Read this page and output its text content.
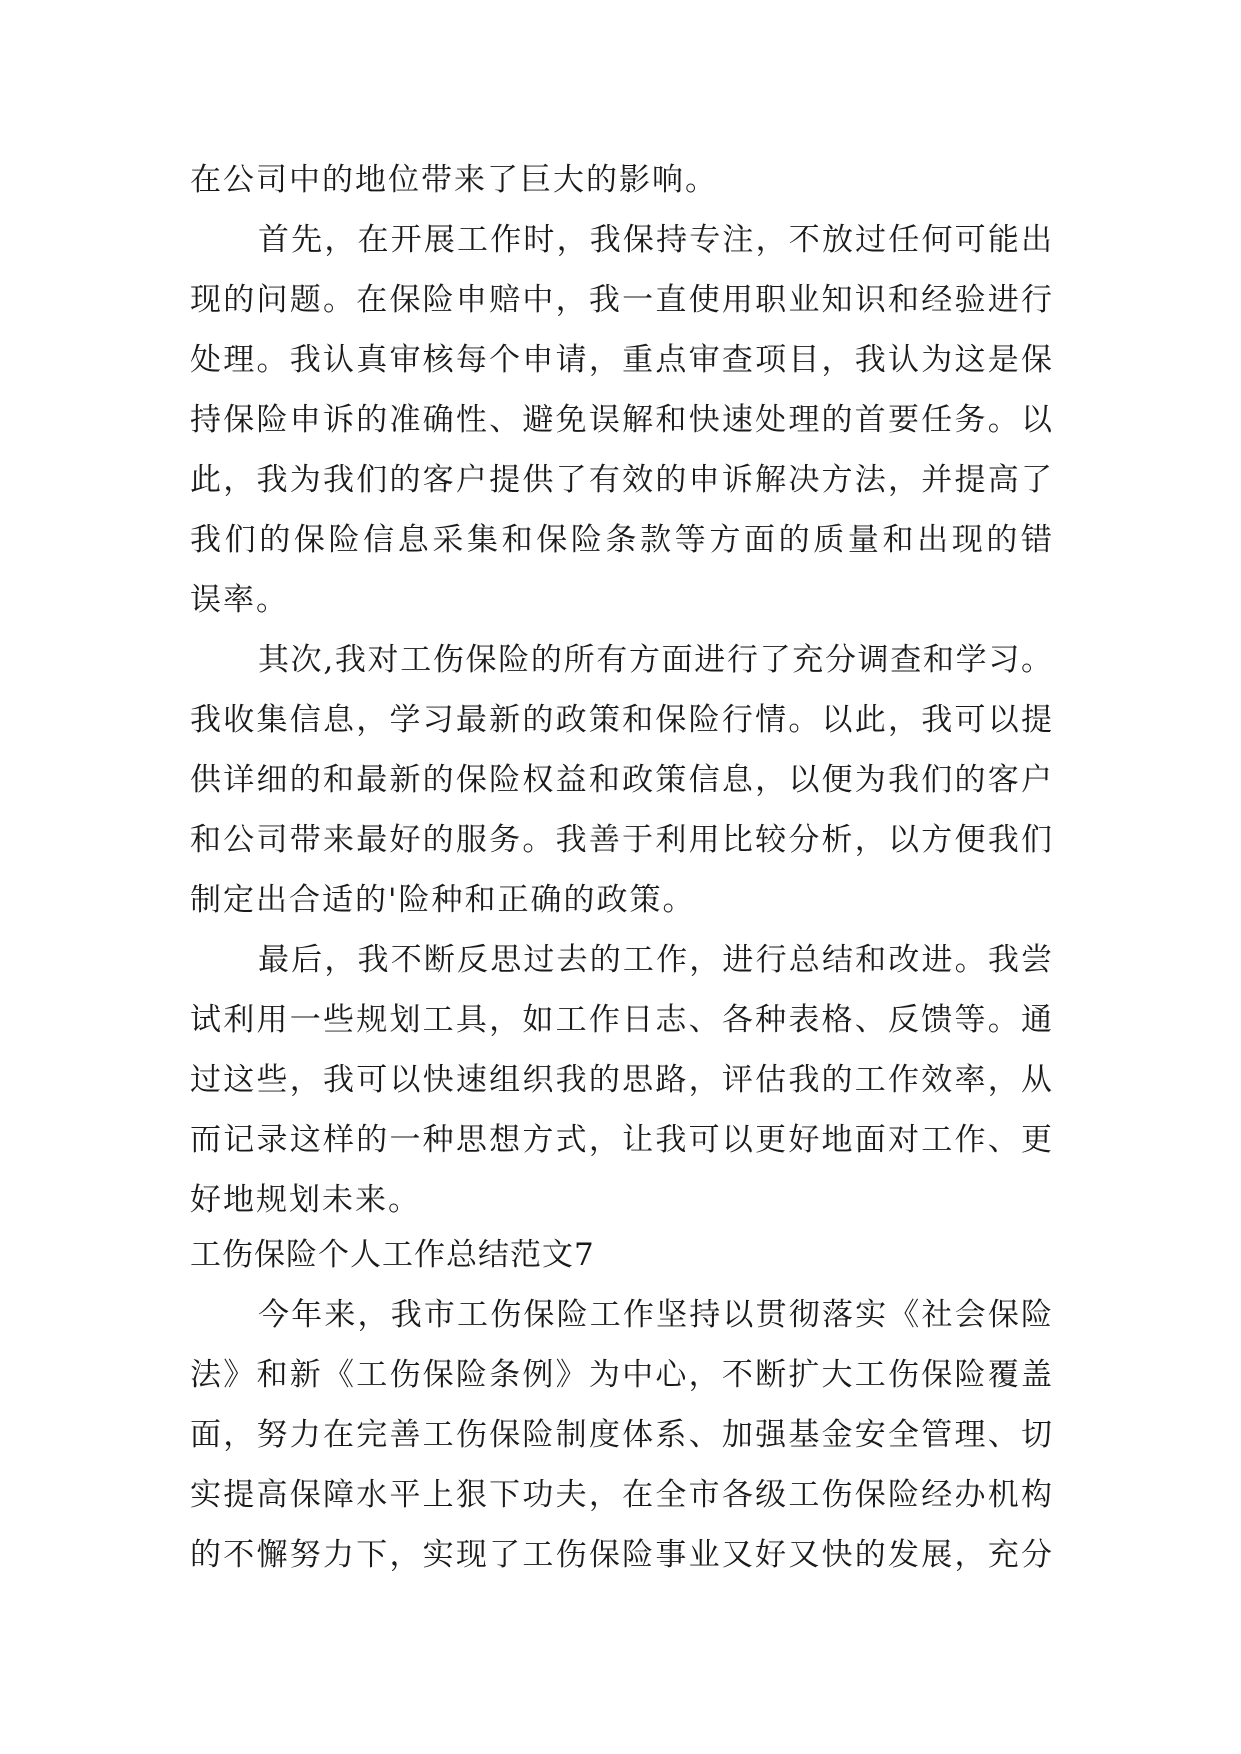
在公司中的地位带来了巨大的影响。
首先，在开展工作时，我保持专注，不放过任何可能出
现的问题。在保险申赔中，我一直使用职业知识和经验进行
处理。我认真审核每个申请，重点审查项目，我认为这是保
持保险申诉的准确性、避免误解和快速处理的首要任务。以
此，我为我们的客户提供了有效的申诉解决方法，并提高了
我们的保险信息采集和保险条款等方面的质量和出现的错
误率。
其次,我对工伤保险的所有方面进行了充分调查和学习。
我收集信息，学习最新的政策和保险行情。以此，我可以提
供详细的和最新的保险权益和政策信息，以便为我们的客户
和公司带来最好的服务。我善于利用比较分析，以方便我们
制定出合适的'险种和正确的政策。
最后，我不断反思过去的工作，进行总结和改进。我尝
试利用一些规划工具，如工作日志、各种表格、反馈等。通
过这些，我可以快速组织我的思路，评估我的工作效率，从
而记录这样的一种思想方式，让我可以更好地面对工作、更
好地规划未来。
工伤保险个人工作总结范文7
今年来，我市工伤保险工作坚持以贯彻落实《社会保险
法》和新《工伤保险条例》为中心，不断扩大工伤保险覆盖
面，努力在完善工伤保险制度体系、加强基金安全管理、切
实提高保障水平上狠下功夫，在全市各级工伤保险经办机构
的不懈努力下，实现了工伤保险事业又好又快的发展，充分
